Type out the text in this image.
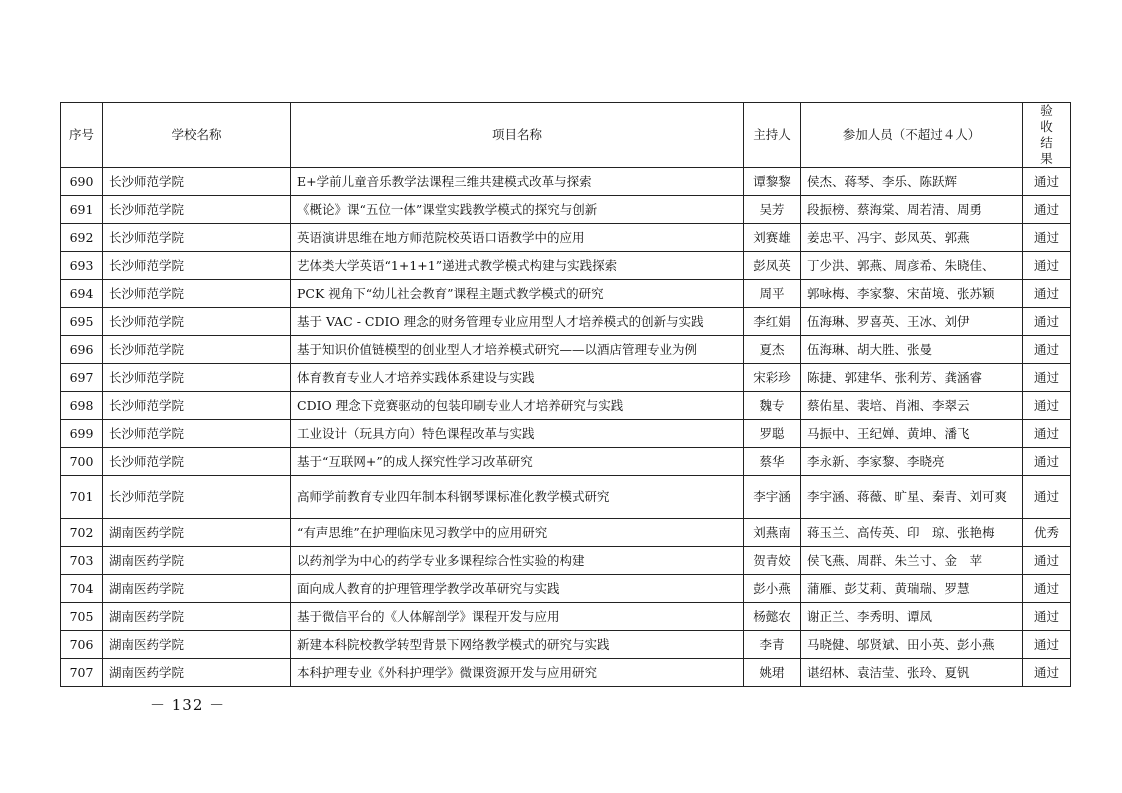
序号	学校名称	项目名称	主持人	参加人员（不超过４人）	验收结果
690	长沙师范学院	E+学前儿童音乐教学法课程三维共建模式改革与探索	谭黎黎	侯杰、蒋琴、李乐、陈跃辉	通过
691	长沙师范学院	《概论》课“五位一体”课堂实践教学模式的探究与创新	吴芳	段振榜、蔡海棠、周若清、周勇	通过
692	长沙师范学院	英语演讲思维在地方师范院校英语口语教学中的应用	刘赛雄	姜忠平、冯宇、彭凤英、郭燕	通过
693	长沙师范学院	艺体类大学英语“1+1+1”递进式教学模式构建与实践探索	彭凤英	丁少洪、郭燕、周彦希、朱晓佳、	通过
694	长沙师范学院	PCK 视角下“幼儿社会教育”课程主题式教学模式的研究	周平	郭咏梅、李家黎、宋苗境、张苏颖	通过
695	长沙师范学院	基于 VAC - CDIO 理念的财务管理专业应用型人才培养模式的创新与实践	李红娟	伍海琳、罗喜英、王冰、刘伊	通过
696	长沙师范学院	基于知识价值链模型的创业型人才培养模式研究——以酒店管理专业为例	夏杰	伍海琳、胡大胜、张曼	通过
697	长沙师范学院	体育教育专业人才培养实践体系建设与实践	宋彩珍	陈捷、郭建华、张利芳、龚涵睿	通过
698	长沙师范学院	CDIO 理念下竞赛驱动的包装印刷专业人才培养研究与实践	魏专	蔡佑星、裴培、肖湘、李翠云	通过
699	长沙师范学院	工业设计（玩具方向）特色课程改革与实践	罗聪	马振中、王纪婵、黄坤、潘飞	通过
700	长沙师范学院	基于“互联网+”的成人探究性学习改革研究	蔡华	李永新、李家黎、李晓亮	通过
701	长沙师范学院	高师学前教育专业四年制本科钢琴课标准化教学模式研究	李宇涵	李宇涵、蒋薇、旷星、秦青、刘可爽	通过
702	湖南医药学院	“有声思维”在护理临床见习教学中的应用研究	刘燕南	蒋玉兰、高传英、印　琼、张艳梅	优秀
703	湖南医药学院	以药剂学为中心的药学专业多课程综合性实验的构建	贺青姣	侯飞燕、周群、朱兰寸、金　苹	通过
704	湖南医药学院	面向成人教育的护理管理学教学改革研究与实践	彭小燕	蒲雁、彭艾莉、黄瑞瑞、罗慧	通过
705	湖南医药学院	基于微信平台的《人体解剖学》课程开发与应用	杨懿农	谢正兰、李秀明、谭凤	通过
706	湖南医药学院	新建本科院校教学转型背景下网络教学模式的研究与实践	李青	马晓健、邬贤斌、田小英、彭小燕	通过
707	湖南医药学院	本科护理专业《外科护理学》微课资源开发与应用研究	姚珺	谌绍林、袁洁莹、张玲、夏钒	通过
－ 132 －
